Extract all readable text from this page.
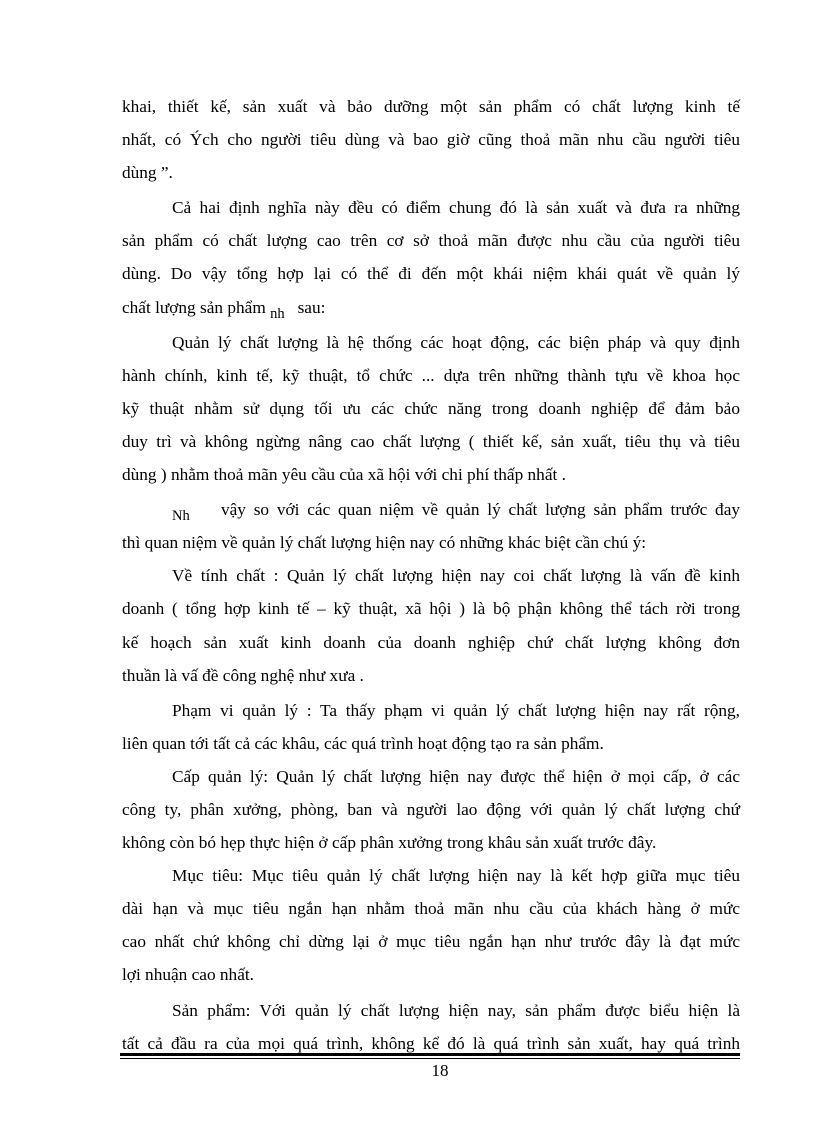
khai, thiết kế, sản xuất và bảo dưỡng một sản phẩm có chất lượng kinh tế
nhất, có Ých cho người tiêu dùng và bao giờ cũng thoả mãn nhu cầu người tiêu
dùng ”.
Cả hai định nghĩa này đều có điểm chung đó là sản xuất và đưa ra những
sản phẩm có chất lượng cao trên cơ sở thoả mãn được nhu cầu của người tiêu
dùng. Do vậy tổng hợp lại có thể đi đến một khái niệm khái quát về quản lý
chất lượng sản phẩm $_{nh}$ sau:
Quản lý chất lượng là hệ thống các hoạt động, các biện pháp và quy định
hành chính, kinh tế, kỹ thuật, tổ chức ... dựa trên những thành tựu về khoa học
kỹ thuật nhằm sử dụng tối ưu các chức năng trong doanh nghiệp để đảm bảo
duy trì và không ngừng nâng cao chất lượng ( thiết kế, sản xuất, tiêu thụ và tiêu
dùng ) nhằm thoả mãn yêu cầu của xã hội với chi phí thấp nhất .
$_{Nh}$ vậy so với các quan niệm về quản lý chất lượng sản phẩm trước đay
thì quan niệm về quản lý chất lượng hiện nay có những khác biệt cần chú ý:
Về tính chất : Quản lý chất lượng hiện nay coi chất lượng là vấn đề kinh
doanh ( tổng hợp kinh tế – kỹ thuật, xã hội ) là bộ phận không thể tách rời trong
kế hoạch sản xuất kinh doanh của doanh nghiệp chứ chất lượng không đơn
thuần là vấ đề công nghệ như xưa .
Phạm vi quản lý : Ta thấy phạm vi quản lý chất lượng hiện nay rất rộng,
liên quan tới tất cả các khâu, các quá trình hoạt động tạo ra sản phẩm.
Cấp quản lý: Quản lý chất lượng hiện nay được thể hiện ở mọi cấp, ở các
công ty, phân xưởng, phòng, ban và người lao động với quản lý chất lượng chứ
không còn bó hẹp thực hiện ở cấp phân xưởng trong khâu sản xuất trước đây.
Mục tiêu: Mục tiêu quản lý chất lượng hiện nay là kết hợp giữa mục tiêu
dài hạn và mục tiêu ngắn hạn nhằm thoả mãn nhu cầu của khách hàng ở mức
cao nhất chứ không chỉ dừng lại ở mục tiêu ngắn hạn như trước đây là đạt mức
lợi nhuận cao nhất.
Sản phẩm: Với quản lý chất lượng hiện nay, sản phẩm được biểu hiện là
tất cả đầu ra của mọi quá trình, không kể đó là quá trình sản xuất, hay quá trình
18
